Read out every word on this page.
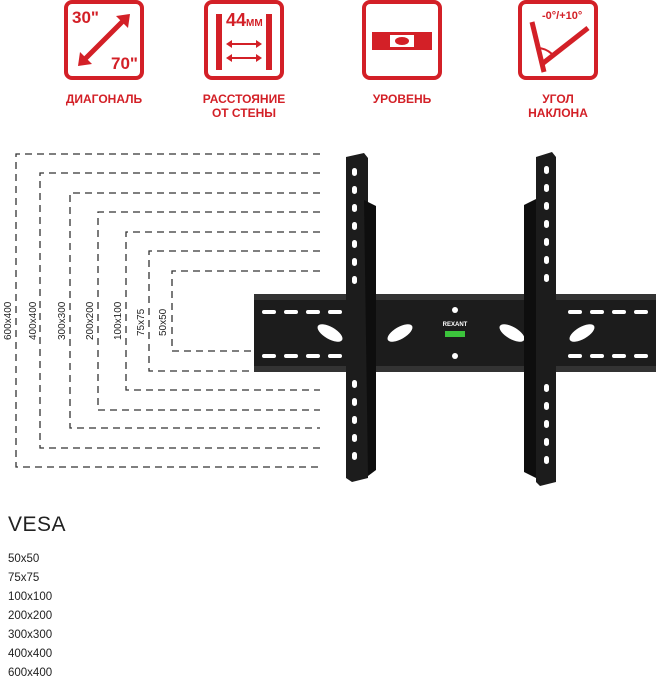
30"
70"
ДИАГОНАЛЬ
44ММ
РАССТОЯНИЕ
ОТ СТЕНЫ
УРОВЕНЬ
-0°/+10°
УГОЛ
НАКЛОНА
600x400 400x400 300x300 200x200 100x100 75x75 50x50	REXANT
VESA
50x50
75x75
100x100
200x200
300x300
400x400
600x400
